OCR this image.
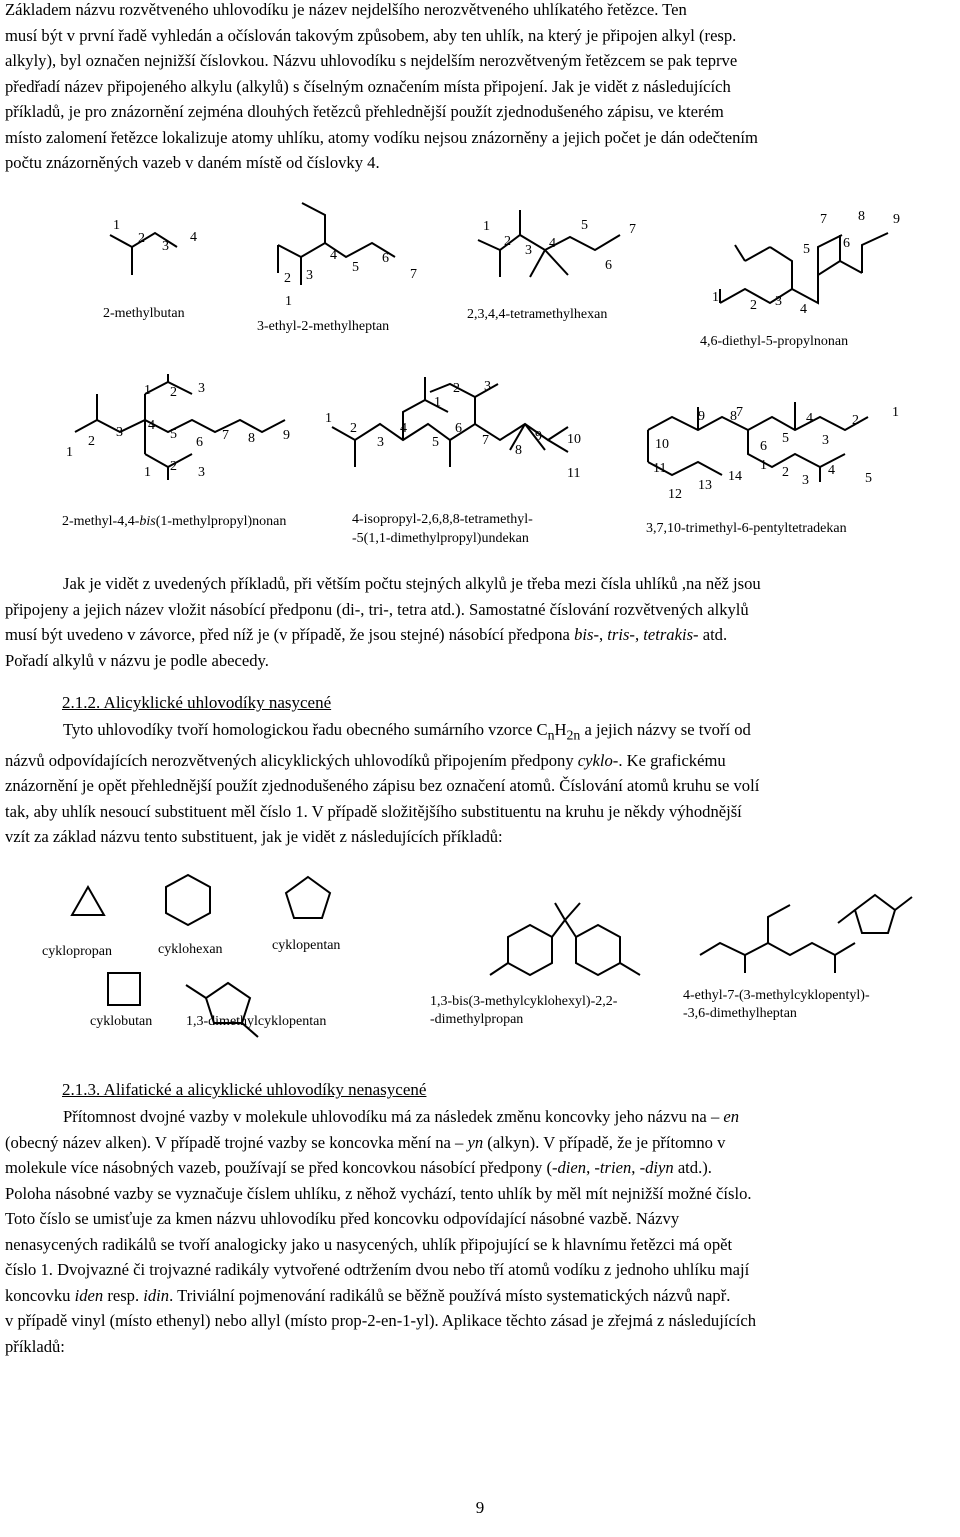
Základem názvu rozvětveného uhlovodíku je název nejdelšího nerozvětveného uhlíkatého řetězce. Ten
musí být v první řadě vyhledán a očíslován takovým způsobem, aby ten uhlík, na který je připojen alkyl (resp.
alkyly), byl označen nejnižší číslovkou. Názvu uhlovodíku s nejdelším nerozvětveným řetězcem se pak teprve
předřadí název připojeného alkylu (alkylů) s číselným označením místa připojení. Jak je vidět z následujících
příkladů, je pro znázornění zejména dlouhých řetězců přehlednější použít zjednodušeného zápisu, ve kterém
místo zalomení řetězce lokalizuje atomy uhlíku, atomy vodíku nejsou znázorněny a jejich počet je dán odečtením
počtu znázorněných vazeb v daném místě od číslovky 4.
1
2
3
4
2-methylbutan
2 3
4
5
6
7
1
3-ethyl-2-methylheptan
1
2
3 4
5
6
7
2,3,4,4-tetramethylhexan
1
2 3
4
5 6
7 8 9
4,6-diethyl-5-propylnonan
1
2
3 4
5
6 7 8 9
1 2 3
1 2 3
2-methyl-4,4-bis(1-methylpropyl)nonan
1
2
3
4
5
6
7
8
9 10
1
2 3
11
4-isopropyl-2,6,8,8-tetramethyl-
-5(1,1-dimethylpropyl)undekan
9 8 7
10
11
12
13
14
6
5
4
3
2
1
1 2
3
4
5
3,7,10-trimethyl-6-pentyltetradekan
Jak je vidět z uvedených příkladů, při větším počtu stejných alkylů je třeba mezi čísla uhlíků ,na něž jsou
připojeny a jejich název vložit násobící předponu (di-, tri-, tetra atd.). Samostatné číslování rozvětvených alkylů
musí být uvedeno v závorce, před níž je (v případě, že jsou stejné) násobící předpona bis-, tris-, tetrakis- atd.
Pořadí alkylů v názvu je podle abecedy.
2.1.2. Alicyklické uhlovodíky nasycené
Tyto uhlovodíky tvoří homologickou řadu obecného sumárního vzorce $C_nH_{2n}$ a jejich názvy se tvoří od
názvů odpovídajících nerozvětvených alicyklických uhlovodíků připojením předpony cyklo-. Ke grafickému
znázornění je opět přehlednější použít zjednodušeného zápisu bez označení atomů. Číslování atomů kruhu se volí
tak, aby uhlík nesoucí substituent měl číslo 1. V případě složitějšího substituentu na kruhu je někdy výhodnější
vzít za základ názvu tento substituent, jak je vidět z následujících příkladů:
cyklopropan	cyklohexan	cyklopentan
cyklobutan 1,3-dimethylcyklopentan
1,3-bis(3-methylcyklohexyl)-2,2-
-dimethylpropan
4-ethyl-7-(3-methylcyklopentyl)-
-3,6-dimethylheptan
2.1.3. Alifatické a alicyklické uhlovodíky nenasycené
Přítomnost dvojné vazby v molekule uhlovodíku má za následek změnu koncovky jeho názvu na – en
(obecný název alken). V případě trojné vazby se koncovka mění na – yn (alkyn). V případě, že je přítomno v
molekule více násobných vazeb, používají se před koncovkou násobící předpony (-dien, -trien, -diyn atd.).
Poloha násobné vazby se vyznačuje číslem uhlíku, z něhož vychází, tento uhlík by měl mít nejnižší možné číslo.
Toto číslo se umisťuje za kmen názvu uhlovodíku před koncovku odpovídající násobné vazbě. Názvy
nenasycených radikálů se tvoří analogicky jako u nasycených, uhlík připojující se k hlavnímu řetězci má opět
číslo 1. Dvojvazné či trojvazné radikály vytvořené odtržením dvou nebo tří atomů vodíku z jednoho uhlíku mají
koncovku iden resp. idin. Triviální pojmenování radikálů se běžně používá místo systematických názvů např.
v případě vinyl (místo ethenyl) nebo allyl (místo prop-2-en-1-yl). Aplikace těchto zásad je zřejmá z následujících
příkladů:
9
